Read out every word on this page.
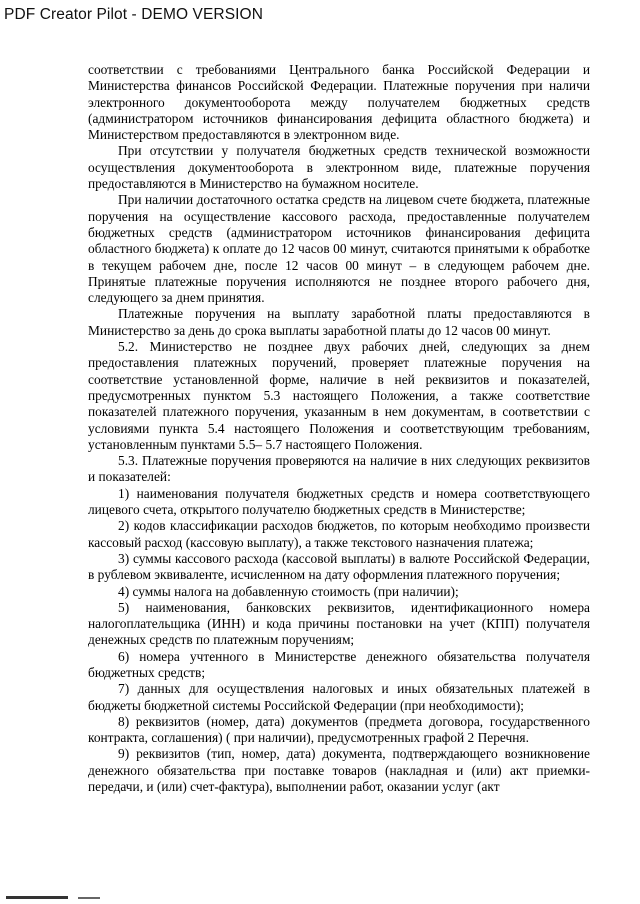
PDF Creator Pilot - DEMO VERSION

соответствии с требованиями Центрального банка Российской Федерации и Министерства финансов Российской Федерации. Платежные поручения при наличи электронного документооборота между получателем бюджетных средств (администратором источников финансирования дефицита областного бюджета) и Министерством предоставляются в электронном виде.

При отсутствии у получателя бюджетных средств технической возможности осуществления документооборота в электронном виде, платежные поручения предоставляются в Министерство на бумажном носителе.

При наличии достаточного остатка средств на лицевом счете бюджета, платежные поручения на осуществление кассового расхода, предоставленные получателем бюджетных средств (администратором источников финансирования дефицита областного бюджета) к оплате до 12 часов 00 минут, считаются принятыми к обработке в текущем рабочем дне, после 12 часов 00 минут – в следующем рабочем дне. Принятые платежные поручения исполняются не позднее второго рабочего дня, следующего за днем принятия.

Платежные поручения на выплату заработной платы предоставляются в Министерство за день до срока выплаты заработной платы до 12 часов 00 минут.

5.2. Министерство не позднее двух рабочих дней, следующих за днем предоставления платежных поручений, проверяет платежные поручения на соответствие установленной форме, наличие в ней реквизитов и показателей, предусмотренных пунктом 5.3 настоящего Положения, а также соответствие показателей платежного поручения, указанным в нем документам, в соответствии с условиями пункта 5.4 настоящего Положения и соответствующим требованиям, установленным пунктами 5.5– 5.7 настоящего Положения.

5.3. Платежные поручения проверяются на наличие в них следующих реквизитов и показателей:

1) наименования получателя бюджетных средств и номера соответствующего лицевого счета, открытого получателю бюджетных средств в Министерстве;

2) кодов классификации расходов бюджетов, по которым необходимо произвести кассовый расход (кассовую выплату), а также текстового назначения платежа;

3) суммы кассового расхода (кассовой выплаты) в валюте Российской Федерации, в рублевом эквиваленте, исчисленном на дату оформления платежного поручения;

4) суммы налога на добавленную стоимость (при наличии);

5) наименования, банковских реквизитов, идентификационного номера налогоплательщика (ИНН) и кода причины постановки на учет (КПП) получателя денежных средств по платежным поручениям;

6) номера учтенного в Министерстве денежного обязательства получателя бюджетных средств;

7) данных для осуществления налоговых и иных обязательных платежей в бюджеты бюджетной системы Российской Федерации (при необходимости);

8) реквизитов (номер, дата) документов (предмета договора, государственного контракта, соглашения) ( при наличии), предусмотренных графой 2 Перечня.

9) реквизитов (тип, номер, дата) документа, подтверждающего возникновение денежного обязательства при поставке товаров (накладная и (или) акт приемки-передачи, и (или) счет-фактура), выполнении работ, оказании услуг (акт
